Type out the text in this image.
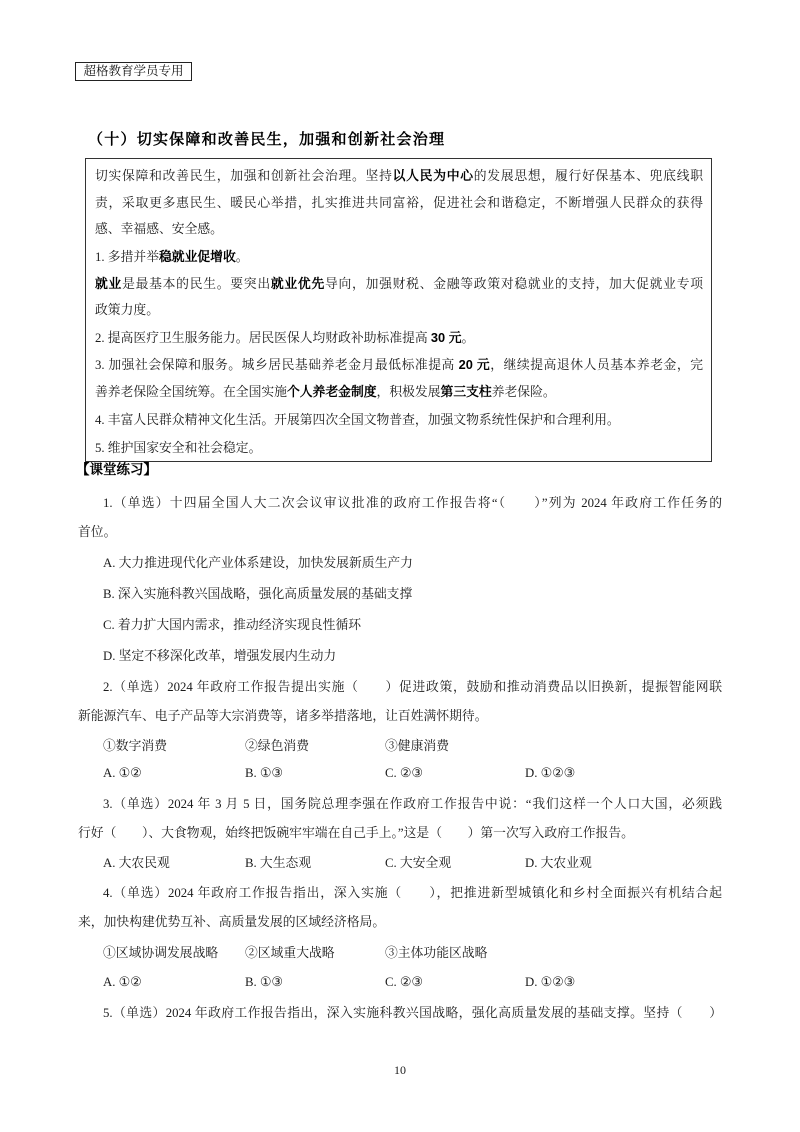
超格教育学员专用
（十）切实保障和改善民生，加强和创新社会治理
切实保障和改善民生，加强和创新社会治理。坚持以人民为中心的发展思想，履行好保基本、兜底线职
责，采取更多惠民生、暖民心举措，扎实推进共同富裕，促进社会和谐稳定，不断增强人民群众的获得
感、幸福感、安全感。
1. 多措并举稳就业促增收。
就业是最基本的民生。要突出就业优先导向，加强财税、金融等政策对稳就业的支持，加大促就业专项
政策力度。
2. 提高医疗卫生服务能力。居民医保人均财政补助标准提高 30 元。
3. 加强社会保障和服务。城乡居民基础养老金月最低标准提高 20 元，继续提高退休人员基本养老金，完
善养老保险全国统筹。在全国实施个人养老金制度，积极发展第三支柱养老保险。
4. 丰富人民群众精神文化生活。开展第四次全国文物普查，加强文物系统性保护和合理利用。
5. 维护国家安全和社会稳定。
【课堂练习】
1.（单选）十四届全国人大二次会议审议批准的政府工作报告将“（　　）”列为 2024 年政府工作任务的
首位。
A. 大力推进现代化产业体系建设，加快发展新质生产力
B. 深入实施科教兴国战略，强化高质量发展的基础支撑
C. 着力扩大国内需求，推动经济实现良性循环
D. 坚定不移深化改革，增强发展内生动力
2.（单选）2024 年政府工作报告提出实施（　　）促进政策，鼓励和推动消费品以旧换新，提振智能网联
新能源汽车、电子产品等大宗消费等，诸多举措落地，让百姓满怀期待。
①数字消费	②绿色消费	③健康消费
A. ①②	B. ①③	C. ②③	D. ①②③
3.（单选）2024 年 3 月 5 日，国务院总理李强在作政府工作报告中说：“我们这样一个人口大国，必须践
行好（　　）、大食物观，始终把饭碗牢牢端在自己手上。”这是（　　）第一次写入政府工作报告。
A. 大农民观	B. 大生态观	C. 大安全观	D. 大农业观
4.（单选）2024 年政府工作报告指出，深入实施（　　），把推进新型城镇化和乡村全面振兴有机结合起
来，加快构建优势互补、高质量发展的区域经济格局。
①区域协调发展战略 ②区域重大战略	③主体功能区战略
A. ①②	B. ①③	C. ②③	D. ①②③
5.（单选）2024 年政府工作报告指出，深入实施科教兴国战略，强化高质量发展的基础支撑。坚持（　　）
10
